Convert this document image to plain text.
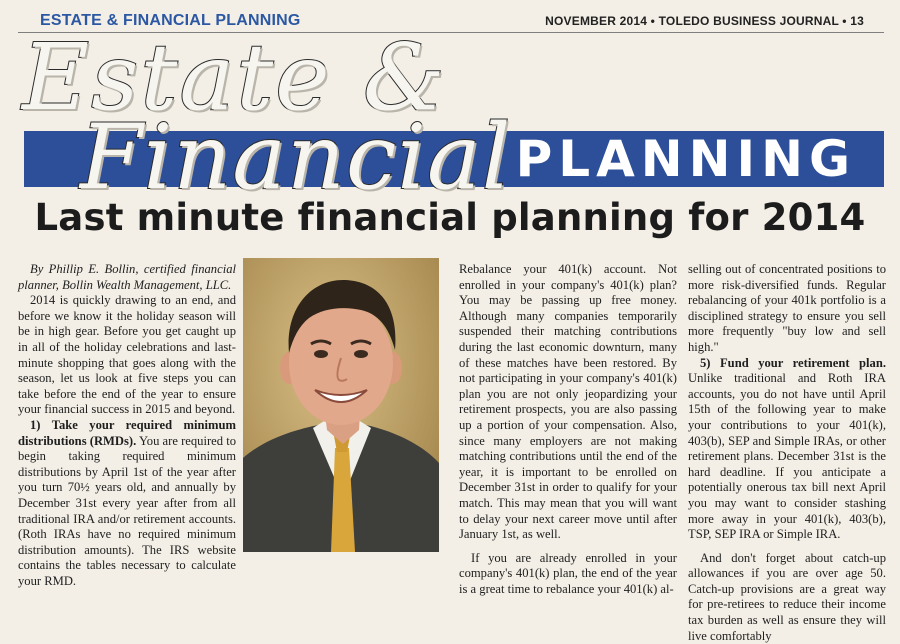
ESTATE & FINANCIAL PLANNING	NOVEMBER 2014 • TOLEDO BUSINESS JOURNAL • 13
PLANNING
Estate &
Financial
Last minute financial planning for 2014

By Phillip E. Bollin, certified financial planner, Bollin Wealth Management, LLC.

2014 is quickly drawing to an end, and before we know it the holiday season will be in high gear. Before you get caught up in all of the holiday celebrations and last-minute shopping that goes along with the season, let us look at five steps you can take before the end of the year to ensure your financial success in 2015 and beyond.

1) Take your required minimum distributions (RMDs). You are required to begin taking required minimum distributions by April 1st of the year after you turn 70½ years old, and annually by December 31st every year after from all traditional IRA and/or retirement accounts. (Roth IRAs have no required minimum distribution amounts). The IRS website contains the tables necessary to calculate your RMD.

Rebalance your 401(k) account. Not enrolled in your company's 401(k) plan? You may be passing up free money. Although many companies temporarily suspended their matching contributions during the last economic downturn, many of these matches have been restored. By not participating in your company's 401(k) plan you are not only jeopardizing your retirement prospects, you are also passing up a portion of your compensation. Also, since many employers are not making matching contributions until the end of the year, it is important to be enrolled on December 31st in order to qualify for your match. This may mean that you will want to delay your next career move until after January 1st, as well.

If you are already enrolled in your company's 401(k) plan, the end of the year is a great time to rebalance your 401(k) al-

selling out of concentrated positions to more risk-diversified funds. Regular rebalancing of your 401k portfolio is a disciplined strategy to ensure you sell more frequently "buy low and sell high."

5) Fund your retirement plan. Unlike traditional and Roth IRA accounts, you do not have until April 15th of the following year to make your contributions to your 401(k), 403(b), SEP and Simple IRAs, or other retirement plans. December 31st is the hard deadline. If you anticipate a potentially onerous tax bill next April you may want to consider stashing more away in your 401(k), 403(b), TSP, SEP IRA or Simple IRA.

And don't forget about catch-up allowances if you are over age 50. Catch-up provisions are a great way for pre-retirees to reduce their income tax burden as well as ensure they will live comfortably
